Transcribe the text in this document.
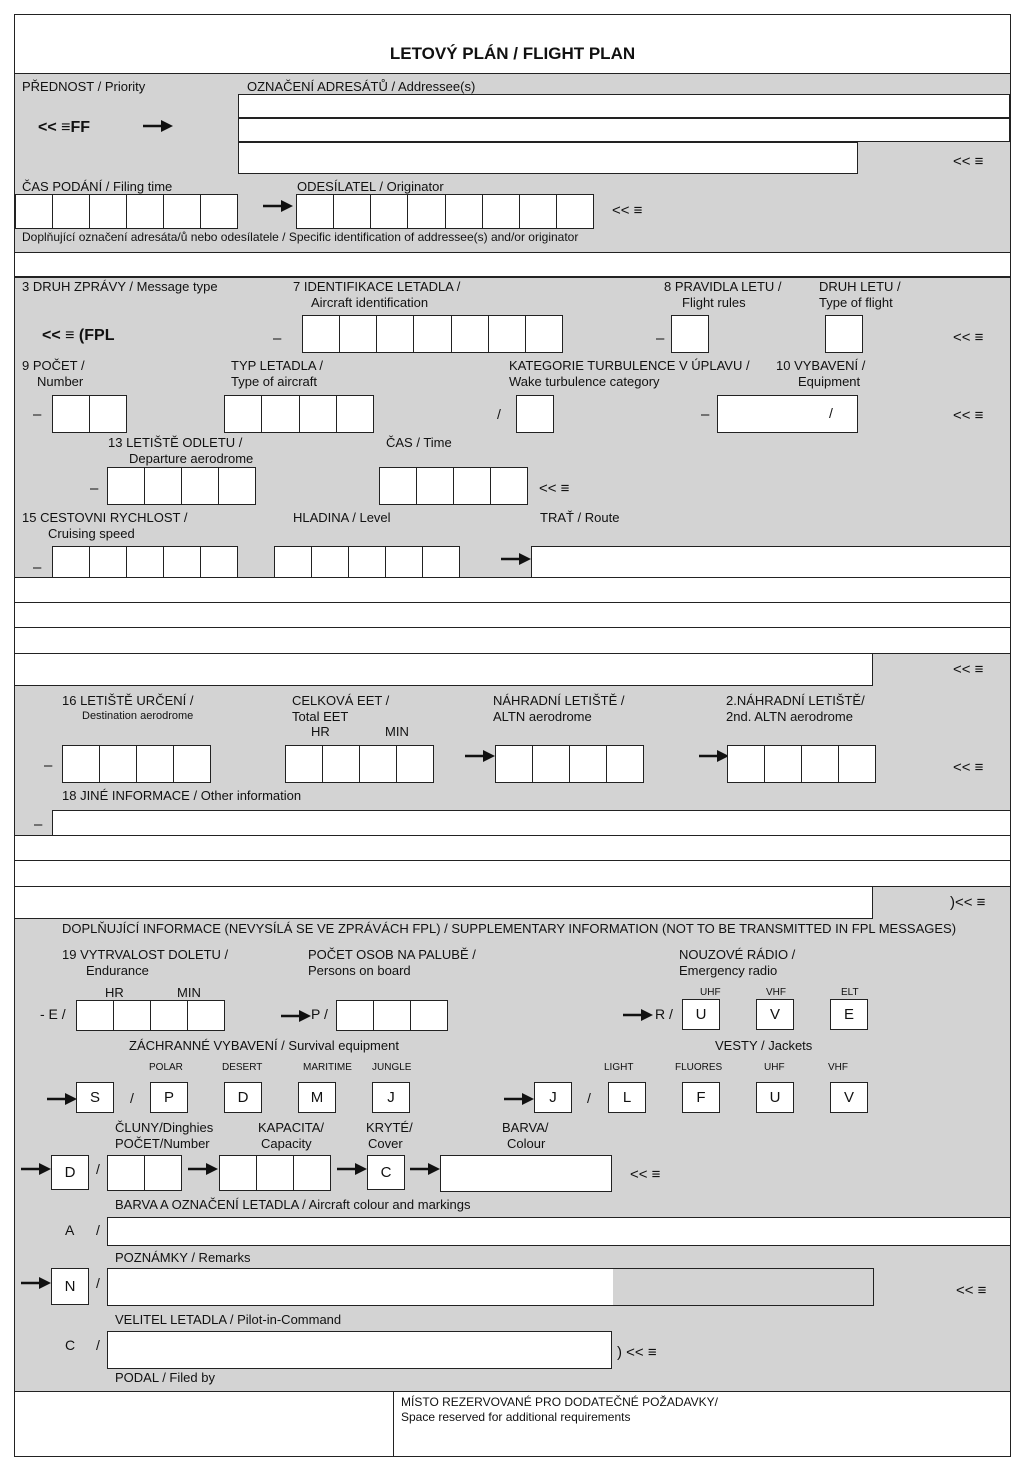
LETOVÝ PLÁN / FLIGHT PLAN
PŘEDNOST / Priority
<< ≡FF
OZNAČENÍ ADRESÁTŮ / Addressee(s)
<< ≡
ČAS PODÁNÍ / Filing time	ODESÍLATEL / Originator
<< ≡
Doplňující označení adresáta/ů nebo odesílatele / Specific identification of addressee(s) and/or originator
3 DRUH ZPRÁVY / Message type
<< ≡ (FPL
7 IDENTIFIKACE LETADLA /
Aircraft identification
–
8 PRAVIDLA LETU /
Flight rules
–
DRUH LETU /
Type of flight
<< ≡
9 POČET /
Number
–
TYP LETADLA /
Type of aircraft
KATEGORIE TURBULENCE V ÚPLAVU /
Wake turbulence category
/
10 VYBAVENÍ /
Equipment
–	/	<< ≡
13 LETIŠTĚ ODLETU /
Departure aerodrome
–
ČAS / Time
<< ≡
15 CESTOVNI RYCHLOST /
Cruising speed
–
HLADINA / Level	TRAŤ / Route
<< ≡
16 LETIŠTĚ URČENÍ /
Destination aerodrome
–
CELKOVÁ EET /
Total EET
HR	MIN
NÁHRADNÍ LETIŠTĚ /
ALTN aerodrome
2.NÁHRADNÍ LETIŠTĚ/
2nd. ALTN aerodrome
<< ≡
18 JINÉ INFORMACE / Other information
–
)<< ≡
DOPLŇUJÍCÍ INFORMACE (NEVYSÍLÁ SE VE ZPRÁVÁCH FPL) / SUPPLEMENTARY INFORMATION (NOT TO BE TRANSMITTED IN FPL MESSAGES)
19 VYTRVALOST DOLETU /
Endurance
HR	MIN
- E /
POČET OSOB NA PALUBĚ /
Persons on board
P /
NOUZOVÉ RÁDIO /
Emergency radio
UHF	VHF	ELT
R /	U	V	E
ZÁCHRANNÉ VYBAVENÍ / Survival equipment
POLAR	DESERT	MARITIME JUNGLE
VESTY / Jackets
LIGHT	FLUORES	UHF	VHF
S	/	P	D	M	J	J	/	L	F	U	V
ČLUNY/Dinghies
POČET/Number
KAPACITA/
Capacity
KRYTÉ/
Cover
BARVA/
Colour
D	/	C	<< ≡
BARVA A OZNAČENÍ LETADLA / Aircraft colour and markings
A /
POZNÁMKY / Remarks
N	/	<< ≡
VELITEL LETADLA / Pilot-in-Command
C /	) << ≡
PODAL / Filed by
MÍSTO REZERVOVANÉ PRO DODATEČNÉ POŽADAVKY/
Space reserved for additional requirements
